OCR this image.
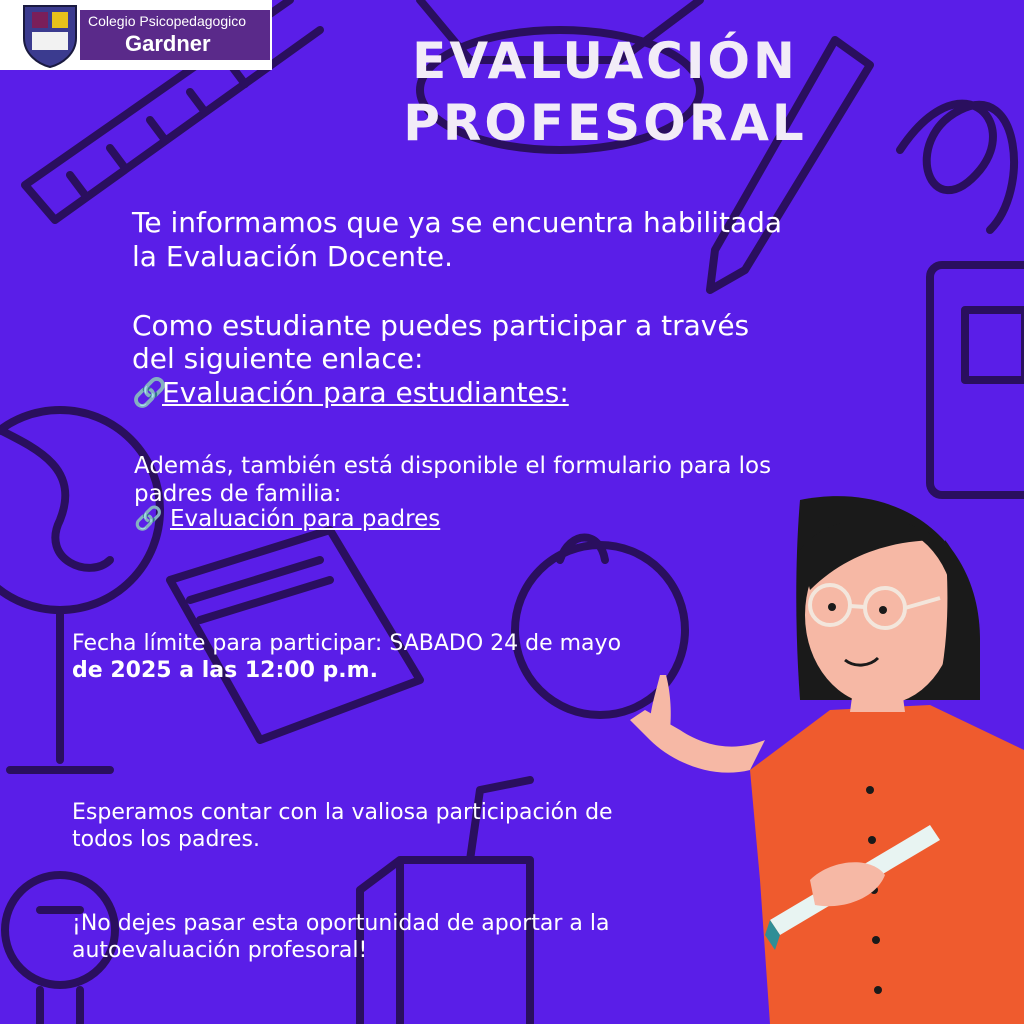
Colegio Psicopedagogico
Gardner	EVALUACIÓN
PROFESORAL
Te informamos que ya se encuentra habilitada
la Evaluación Docente.
Como estudiante puedes participar a través
del siguiente enlace:
🔗Evaluación para estudiantes:
Además, también está disponible el formulario para los
padres de familia:
🔗 Evaluación para padres
Fecha límite para participar: SABADO 24 de mayo
de 2025 a las 12:00 p.m.
Esperamos contar con la valiosa participación de
todos los padres.
¡No dejes pasar esta oportunidad de aportar a la
autoevaluación profesoral!
